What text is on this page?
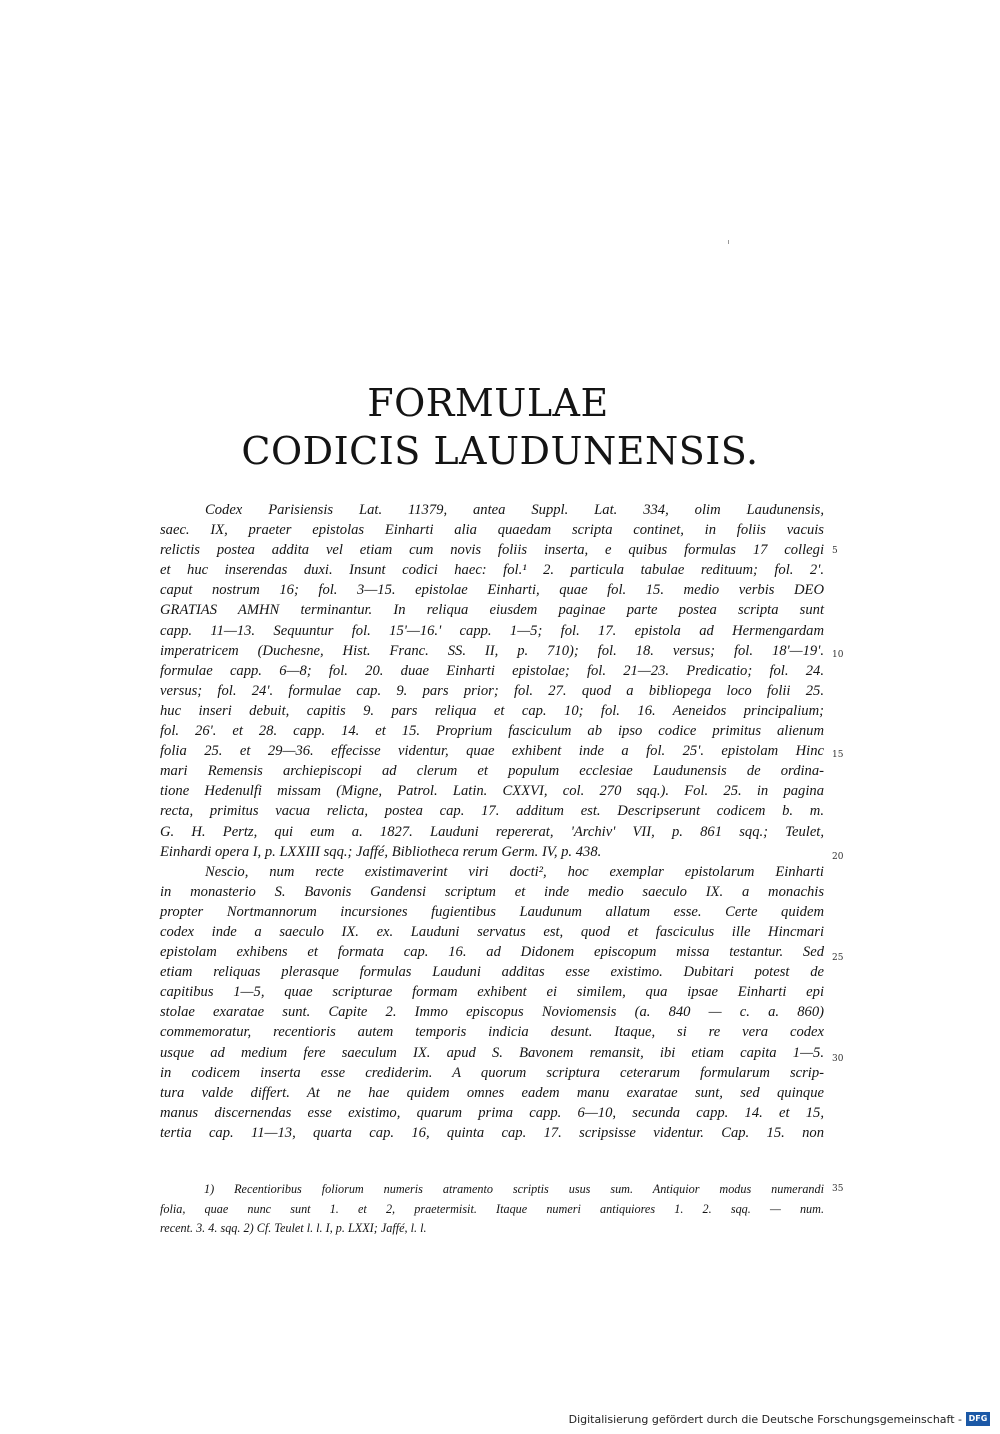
FORMULAE
CODICIS LAUDUNENSIS.
Codex Parisiensis Lat. 11379, antea Suppl. Lat. 334, olim Laudunensis,
saec. IX, praeter epistolas Einharti alia quaedam scripta continet, in foliis vacuis
relictis postea addita vel etiam cum novis foliis inserta, e quibus formulas 17 collegi
et huc inserendas duxi. Insunt codici haec: fol.¹ 2. particula tabulae redituum; fol. 2'.
caput nostrum 16; fol. 3—15. epistolae Einharti, quae fol. 15. medio verbis DEO
GRATIAS AMHN terminantur. In reliqua eiusdem paginae parte postea scripta sunt
capp. 11—13. Sequuntur fol. 15'—16.' capp. 1—5; fol. 17. epistola ad Hermengardam
imperatricem (Duchesne, Hist. Franc. SS. II, p. 710); fol. 18. versus; fol. 18'—19'.
formulae capp. 6—8; fol. 20. duae Einharti epistolae; fol. 21—23. Predicatio; fol. 24.
versus; fol. 24'. formulae cap. 9. pars prior; fol. 27. quod a bibliopega loco folii 25.
huc inseri debuit, capitis 9. pars reliqua et cap. 10; fol. 16. Aeneidos principalium;
fol. 26'. et 28. capp. 14. et 15. Proprium fasciculum ab ipso codice primitus alienum
folia 25. et 29—36. effecisse videntur, quae exhibent inde a fol. 25'. epistolam Hinc
mari Remensis archiepiscopi ad clerum et populum ecclesiae Laudunensis de ordina-
tione Hedenulfi missam (Migne, Patrol. Latin. CXXVI, col. 270 sqq.). Fol. 25. in pagina
recta, primitus vacua relicta, postea cap. 17. additum est. Descripserunt codicem b. m.
G. H. Pertz, qui eum a. 1827. Lauduni repererat, 'Archiv' VII, p. 861 sqq.; Teulet,
Einhardi opera I, p. LXXIII sqq.; Jaffé, Bibliotheca rerum Germ. IV, p. 438.
Nescio, num recte existimaverint viri docti², hoc exemplar epistolarum Einharti
in monasterio S. Bavonis Gandensi scriptum et inde medio saeculo IX. a monachis
propter Nortmannorum incursiones fugientibus Laudunum allatum esse. Certe quidem
codex inde a saeculo IX. ex. Lauduni servatus est, quod et fasciculus ille Hincmari
epistolam exhibens et formata cap. 16. ad Didonem episcopum missa testantur. Sed
etiam reliquas plerasque formulas Lauduni additas esse existimo. Dubitari potest de
capitibus 1—5, quae scripturae formam exhibent ei similem, qua ipsae Einharti epi
stolae exaratae sunt. Capite 2. Immo episcopus Noviomensis (a. 840 — c. a. 860)
commemoratur, recentioris autem temporis indicia desunt. Itaque, si re vera codex
usque ad medium fere saeculum IX. apud S. Bavonem remansit, ibi etiam capita 1—5.
in codicem inserta esse crediderim. A quorum scriptura ceterarum formularum scrip-
tura valde differt. At ne hae quidem omnes eadem manu exaratae sunt, sed quinque
manus discernendas esse existimo, quarum prima capp. 6—10, secunda capp. 14. et 15,
tertia cap. 11—13, quarta cap. 16, quinta cap. 17. scripsisse videntur. Cap. 15. non
1) Recentioribus foliorum numeris atramento scriptis usus sum. Antiquior modus numerandi
folia, quae nunc sunt 1. et 2, praetermisit. Itaque numeri antiquiores 1. 2. sqq. — num.
recent. 3. 4. sqq. 2) Cf. Teulet l. l. I, p. LXXI; Jaffé, l. l.
5
10
15
20
25
30
35
Digitalisierung gefördert durch die Deutsche Forschungsgemeinschaft - DFG
